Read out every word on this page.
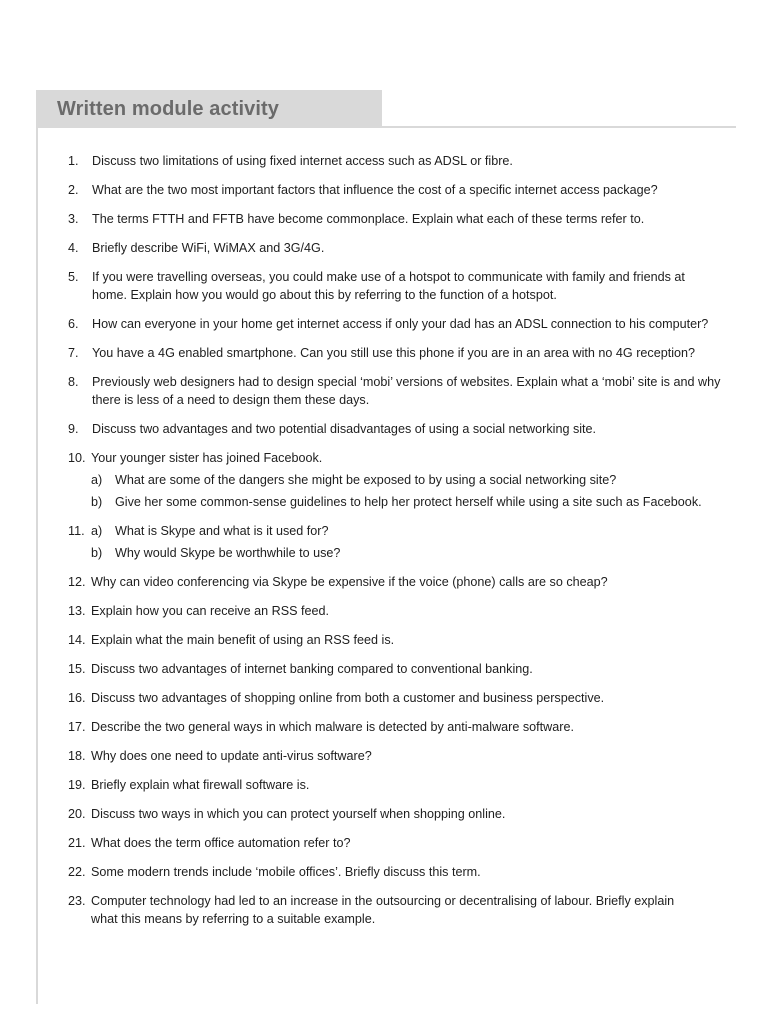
Written module activity
1.	Discuss two limitations of using fixed internet access such as ADSL or fibre.
2.	What are the two most important factors that influence the cost of a specific internet access package?
3.	The terms FTTH and FFTB have become commonplace. Explain what each of these terms refer to.
4.	Briefly describe WiFi, WiMAX and 3G/4G.
5.	If you were travelling overseas, you could make use of a hotspot to communicate with family and friends at home. Explain how you would go about this by referring to the function of a hotspot.
6.	How can everyone in your home get internet access if only your dad has an ADSL connection to his computer?
7.	You have a 4G enabled smartphone. Can you still use this phone if you are in an area with no 4G reception?
8.	Previously web designers had to design special ‘mobi’ versions of websites. Explain what a ‘mobi’ site is and why there is less of a need to design them these days.
9.	Discuss two advantages and two potential disadvantages of using a social networking site.
10. Your younger sister has joined Facebook.
a)	What are some of the dangers she might be exposed to by using a social networking site?
b)	Give her some common-sense guidelines to help her protect herself while using a site such as Facebook.
11. a)	What is Skype and what is it used for?
b)	Why would Skype be worthwhile to use?
12. Why can video conferencing via Skype be expensive if the voice (phone) calls are so cheap?
13. Explain how you can receive an RSS feed.
14. Explain what the main benefit of using an RSS feed is.
15. Discuss two advantages of internet banking compared to conventional banking.
16. Discuss two advantages of shopping online from both a customer and business perspective.
17. Describe the two general ways in which malware is detected by anti-malware software.
18. Why does one need to update anti-virus software?
19. Briefly explain what firewall software is.
20. Discuss two ways in which you can protect yourself when shopping online.
21. What does the term office automation refer to?
22. Some modern trends include ‘mobile offices’. Briefly discuss this term.
23. Computer technology had led to an increase in the outsourcing or decentralising of labour. Briefly explain what this means by referring to a suitable example.
